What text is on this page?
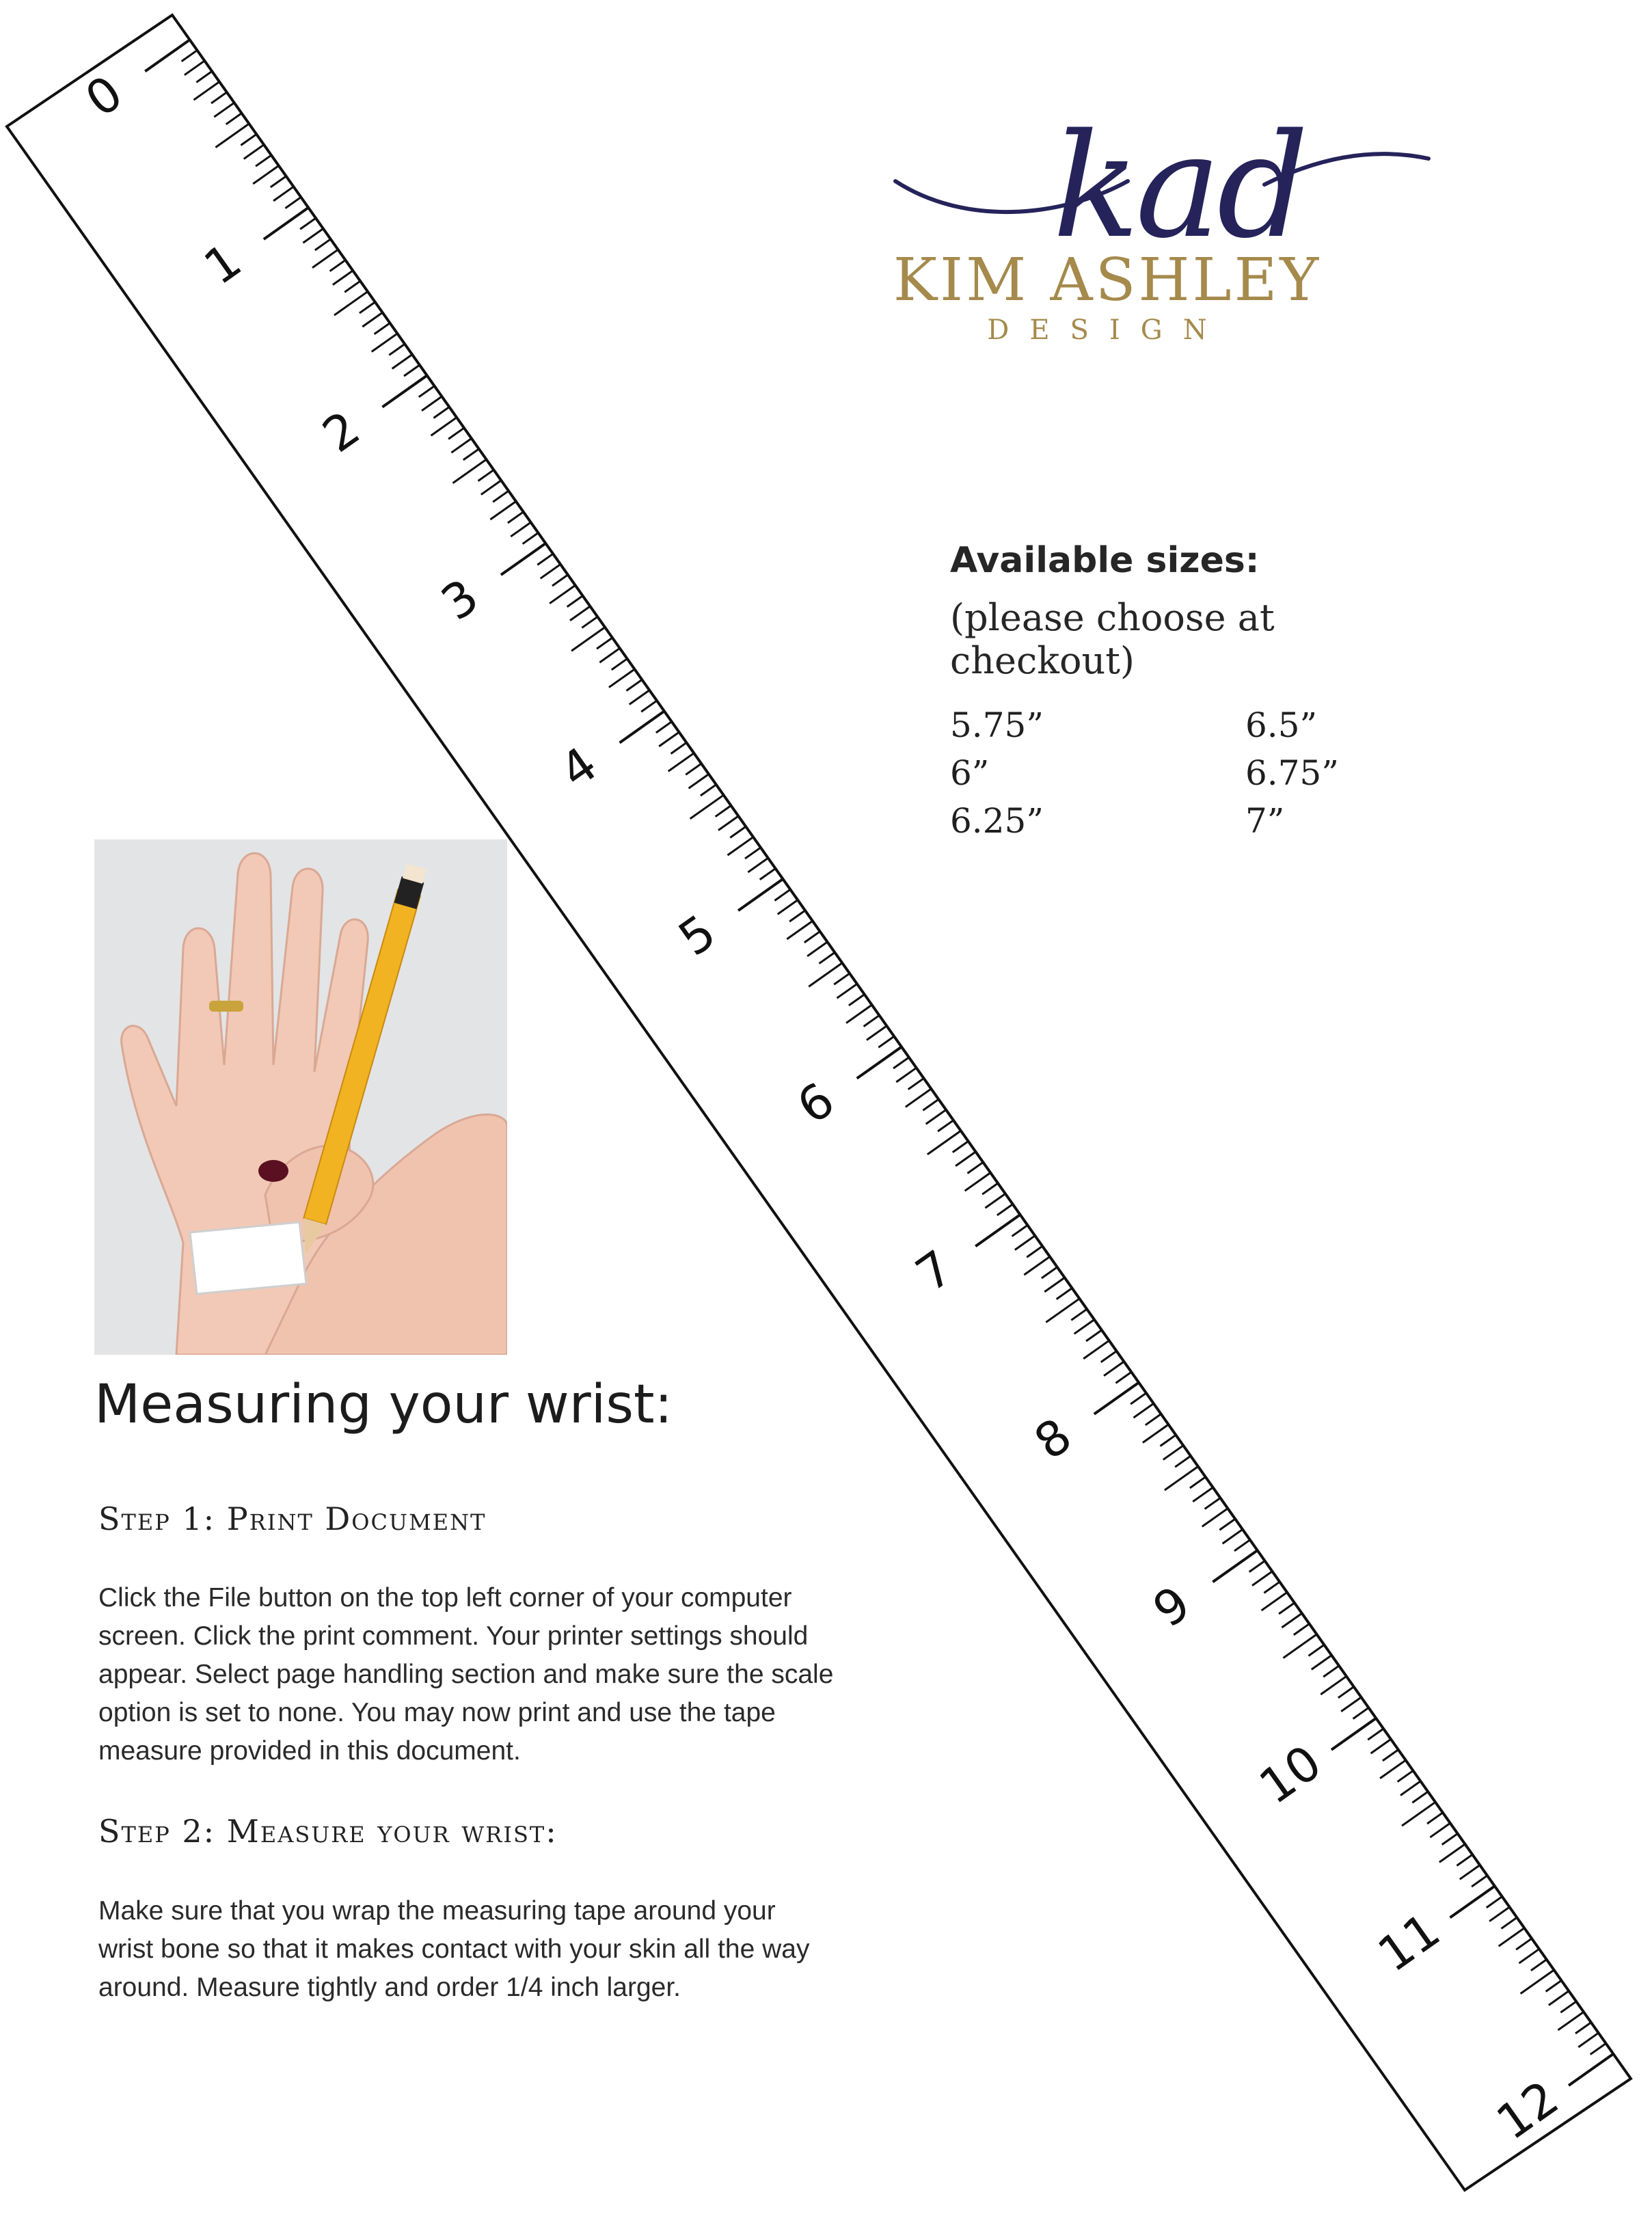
0
1
2
3
4
5
6
7
8
9
10
11
12
kad
KIM ASHLEY
DESIGN
Available sizes:
(please choose at checkout)
5.75”	6.5”
6”	6.75”
6.25”	7”
Measuring your wrist:
Step 1: Print Document
Click the File button on the top left corner of your computer
screen. Click the print comment. Your printer settings should
appear. Select page handling section and make sure the scale
option is set to none. You may now print and use the tape
measure provided in this document.
Step 2: Measure your wrist:
Make sure that you wrap the measuring tape around your
wrist bone so that it makes contact with your skin all the way
around. Measure tightly and order 1/4 inch larger.
